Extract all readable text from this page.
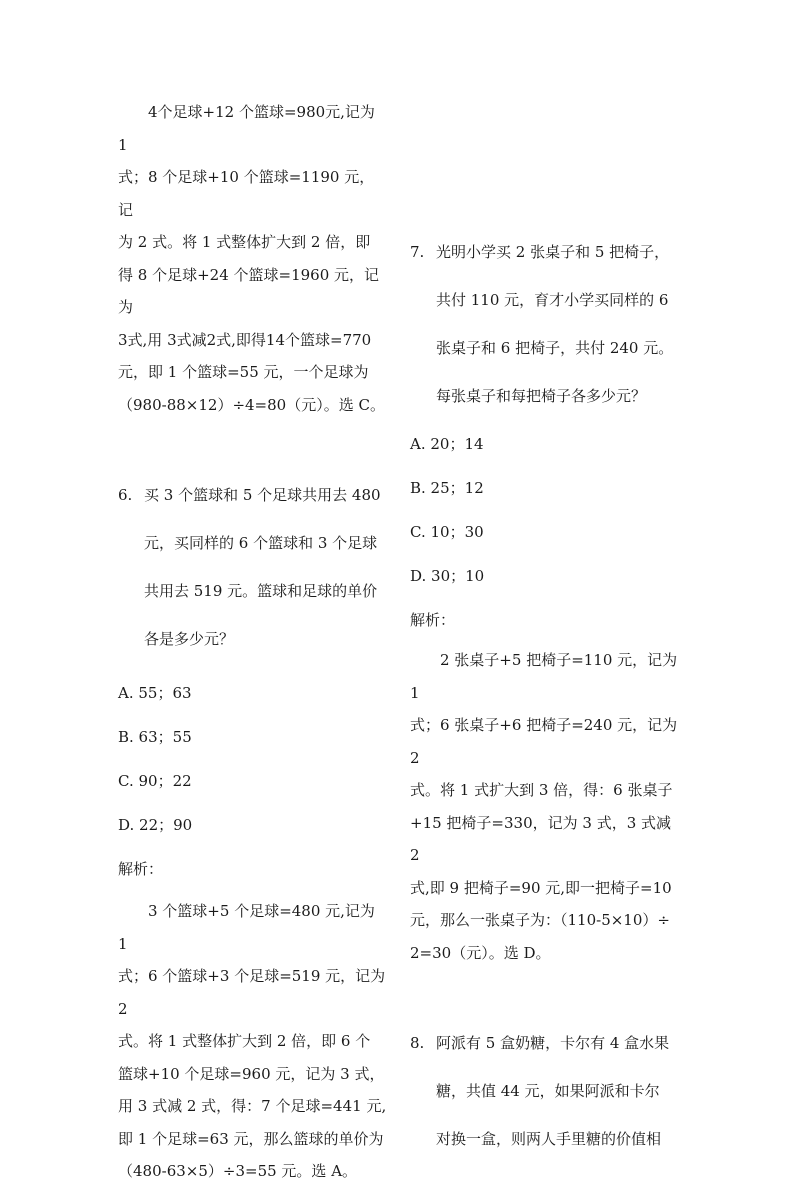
4个足球+12 个篮球=980元,记为 1

式；8 个足球+10 个篮球=1190 元，记

为 2 式。将 1 式整体扩大到 2 倍，即

得 8 个足球+24 个篮球=1960 元，记为

3式,用 3式减2式,即得14个篮球=770

元，即 1 个篮球=55 元，一个足球为

（980-88×12）÷4=80（元）。选 C。

6. 买 3 个篮球和 5 个足球共用去 480

元，买同样的 6 个篮球和 3 个足球

共用去 519 元。篮球和足球的单价

各是多少元？

A. 55；63

B. 63；55

C. 90；22

D. 22；90

解析：

3 个篮球+5 个足球=480 元,记为 1

式；6 个篮球+3 个足球=519 元，记为 2

式。将 1 式整体扩大到 2 倍，即 6 个

篮球+10 个足球=960 元，记为 3 式，

用 3 式减 2 式，得：7 个足球=441 元,

即 1 个足球=63 元，那么篮球的单价为

（480-63×5）÷3=55 元。选 A。

7. 光明小学买 2 张桌子和 5 把椅子，

共付 110 元，育才小学买同样的 6

张桌子和 6 把椅子，共付 240 元。

每张桌子和每把椅子各多少元？

A. 20；14

B. 25；12

C. 10；30

D. 30；10

解析：

2 张桌子+5 把椅子=110 元，记为 1

式；6 张桌子+6 把椅子=240 元，记为 2

式。将 1 式扩大到 3 倍，得：6 张桌子

+15 把椅子=330，记为 3 式，3 式减 2

式,即 9 把椅子=90 元,即一把椅子=10

元，那么一张桌子为：（110-5×10）÷

2=30（元）。选 D。

8. 阿派有 5 盒奶糖，卡尔有 4 盒水果

糖，共值 44 元，如果阿派和卡尔

对换一盒，则两人手里糖的价值相
